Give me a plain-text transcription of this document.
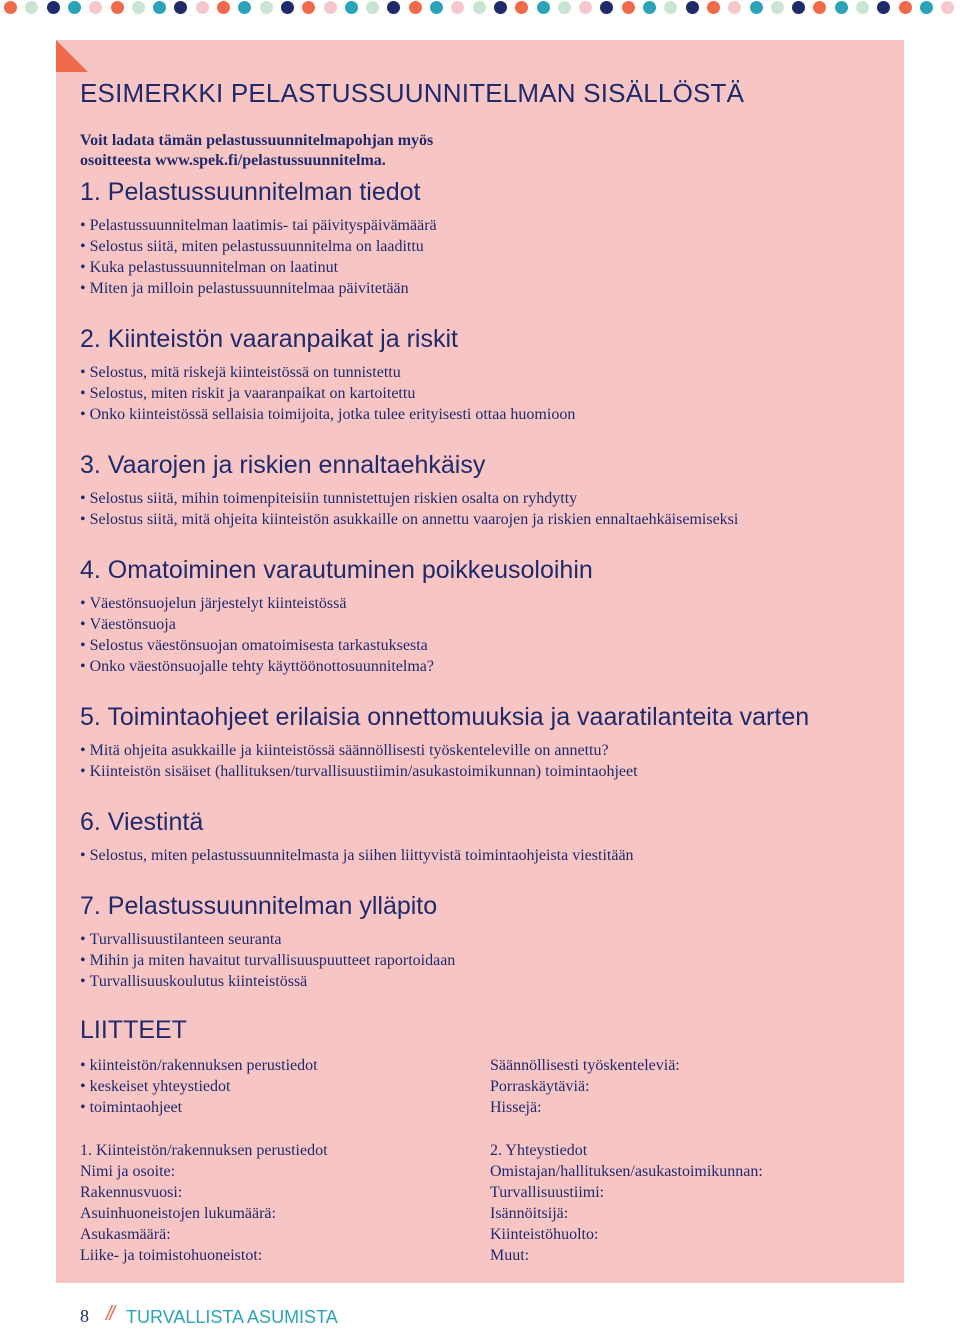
ESIMERKKI PELASTUSSUUNNITELMAN SISÄLLÖSTÄ
Voit ladata tämän pelastussuunnitelmapohjan myös
osoitteesta www.spek.fi/pelastussuunnitelma.
1. Pelastussuunnitelman tiedot
• Pelastussuunnitelman laatimis- tai päivityspäivämäärä
• Selostus siitä, miten pelastussuunnitelma on laadittu
• Kuka pelastussuunnitelman on laatinut
• Miten ja milloin pelastussuunnitelmaa päivitetään
2. Kiinteistön vaaranpaikat ja riskit
• Selostus, mitä riskejä kiinteistössä on tunnistettu
• Selostus, miten riskit ja vaaranpaikat on kartoitettu
• Onko kiinteistössä sellaisia toimijoita, jotka tulee erityisesti ottaa huomioon
3. Vaarojen ja riskien ennaltaehkäisy
• Selostus siitä, mihin toimenpiteisiin tunnistettujen riskien osalta on ryhdytty
• Selostus siitä, mitä ohjeita kiinteistön asukkaille on annettu vaarojen ja riskien ennaltaehkäisemiseksi
4. Omatoiminen varautuminen poikkeusoloihin
• Väestönsuojelun järjestelyt kiinteistössä
• Väestönsuoja
• Selostus väestönsuojan omatoimisesta tarkastuksesta
• Onko väestönsuojalle tehty käyttöönottosuunnitelma?
5. Toimintaohjeet erilaisia onnettomuuksia ja vaaratilanteita varten
• Mitä ohjeita asukkaille ja kiinteistössä säännöllisesti työskenteleville on annettu?
• Kiinteistön sisäiset (hallituksen/turvallisuustiimin/asukastoimikunnan) toimintaohjeet
6. Viestintä
• Selostus, miten pelastussuunnitelmasta ja siihen liittyvistä toimintaohjeista viestitään
7. Pelastussuunnitelman ylläpito
• Turvallisuustilanteen seuranta
• Mihin ja miten havaitut turvallisuuspuutteet raportoidaan
• Turvallisuuskoulutus kiinteistössä
LIITTEET
• kiinteistön/rakennuksen perustiedot
• keskeiset yhteystiedot
• toimintaohjeet
Säännöllisesti työskenteleviä:
Porraskäytäviä:
Hissejä:
1. Kiinteistön/rakennuksen perustiedot
Nimi ja osoite:
Rakennusvuosi:
Asuinhuoneistojen lukumäärä:
Asukasmäärä:
Liike- ja toimistohuoneistot:
2. Yhteystiedot
Omistajan/hallituksen/asukastoimikunnan:
Turvallisuustiimi:
Isännöitsijä:
Kiinteistöhuolto:
Muut:
8 // TURVALLISTA ASUMISTA
